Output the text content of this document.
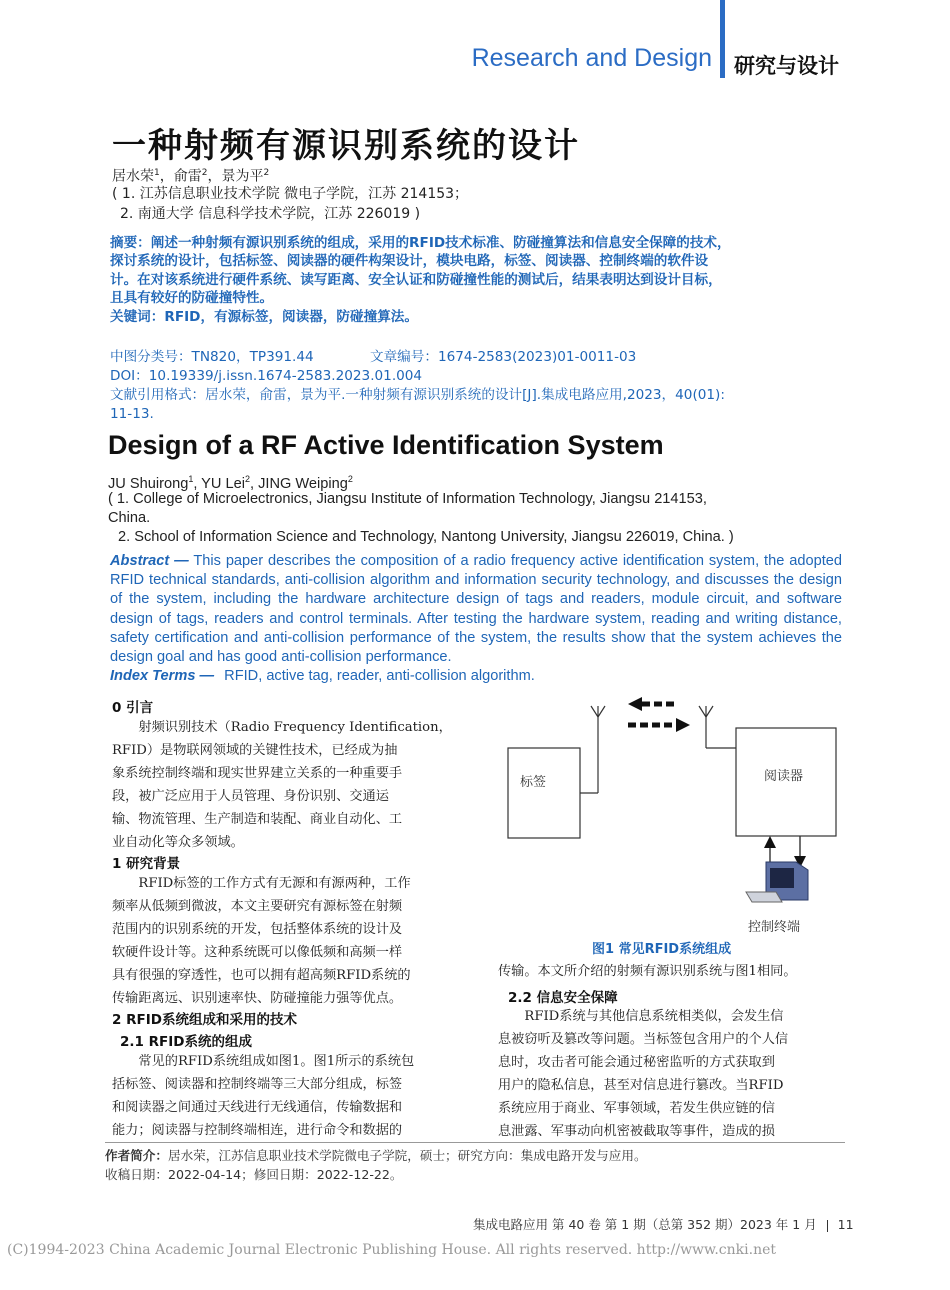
Research and Design 研究与设计
一种射频有源识别系统的设计
居水荣$^1$，俞雷$^2$，景为平$^2$
( 1. 江苏信息职业技术学院 微电子学院，江苏 214153；
2. 南通大学 信息科学技术学院，江苏 226019 )
摘要：阐述一种射频有源识别系统的组成，采用的RFID技术标准、防碰撞算法和信息安全保障的技术，
探讨系统的设计，包括标签、阅读器的硬件构架设计，模块电路，标签、阅读器、控制终端的软件设
计。在对该系统进行硬件系统、读写距离、安全认证和防碰撞性能的测试后，结果表明达到设计目标，
且具有较好的防碰撞特性。
关键词：RFID，有源标签，阅读器，防碰撞算法。
中图分类号：TN820，TP391.44	文章编号：1674-2583(2023)01-0011-03
DOI：10.19339/j.issn.1674-2583.2023.01.004
文献引用格式：居水荣，俞雷，景为平.一种射频有源识别系统的设计[J].集成电路应用,2023，40(01):
11-13.
Design of a RF Active Identification System
JU Shuirong$^1$, YU Lei$^2$, JING Weiping$^2$
( 1. College of Microelectronics, Jiangsu Institute of Information Technology, Jiangsu 214153,
China.
2. School of Information Science and Technology, Nantong University, Jiangsu 226019, China. )
Abstract — This paper describes the composition of a radio frequency active identification system, the adopted RFID technical standards, anti-collision algorithm and information security technology, and discusses the design of the system, including the hardware architecture design of tags and readers, module circuit, and software design of tags, readers and control terminals. After testing the hardware system, reading and writing distance, safety certification and anti-collision performance of the system, the results show that the system achieves the design goal and has good anti-collision performance.
Index Terms — RFID, active tag, reader, anti-collision algorithm.
0 引言
射频识别技术（Radio Frequency Identification，
RFID）是物联网领域的关键性技术，已经成为抽
象系统控制终端和现实世界建立关系的一种重要手
段，被广泛应用于人员管理、身份识别、交通运
输、物流管理、生产制造和装配、商业自动化、工
业自动化等众多领域。
1 研究背景
RFID标签的工作方式有无源和有源两种，工作
频率从低频到微波，本文主要研究有源标签在射频
范围内的识别系统的开发，包括整体系统的设计及
软硬件设计等。这种系统既可以像低频和高频一样
具有很强的穿透性，也可以拥有超高频RFID系统的
传输距离远、识别速率快、防碰撞能力强等优点。
2 RFID系统组成和采用的技术
2.1 RFID系统的组成
常见的RFID系统组成如图1。图1所示的系统包
括标签、阅读器和控制终端等三大部分组成，标签
和阅读器之间通过天线进行无线通信，传输数据和
能力；阅读器与控制终端相连，进行命令和数据的
标签	阅读器
控制终端
图1 常见RFID系统组成
传输。本文所介绍的射频有源识别系统与图1相同。
2.2 信息安全保障
RFID系统与其他信息系统相类似，会发生信
息被窃听及篡改等问题。当标签包含用户的个人信
息时，攻击者可能会通过秘密监听的方式获取到
用户的隐私信息，甚至对信息进行篡改。当RFID
系统应用于商业、军事领域，若发生供应链的信
息泄露、军事动向机密被截取等事件，造成的损
作者简介：居水荣，江苏信息职业技术学院微电子学院，硕士；研究方向：集成电路开发与应用。
收稿日期：2022-04-14；修回日期：2022-12-22。
集成电路应用 第 40 卷 第 1 期（总第 352 期）2023 年 1 月 11
(C)1994-2023 China Academic Journal Electronic Publishing House. All rights reserved. http://www.cnki.net
